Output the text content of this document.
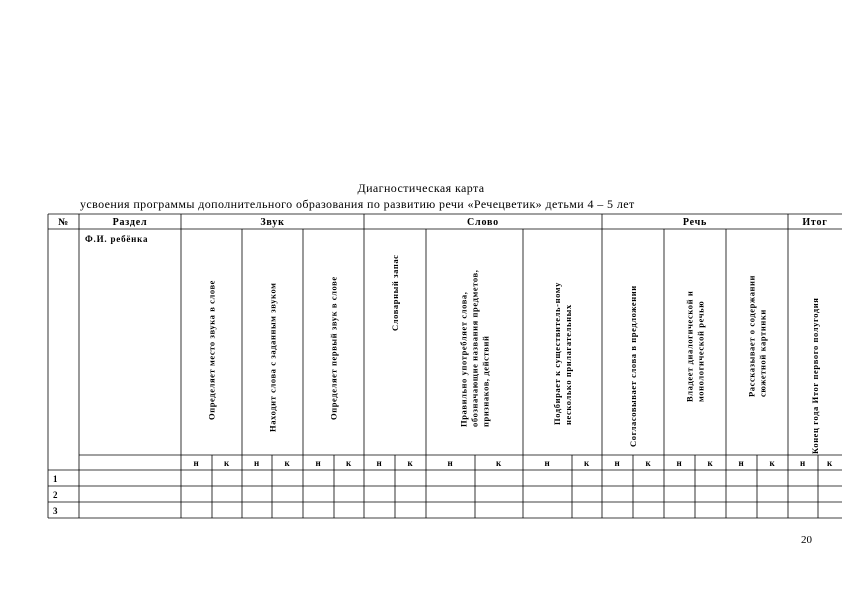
Диагностическая карта
усвоения программы дополнительного образования по развитию речи «Речецветик» детьми 4 – 5 лет
№	Раздел	Звук	Слово	Речь	Итог
Ф.И. ребёнка
Определяет место звука в слове	Находит слова с заданным звуком	Определяет первый звук в слове	Словарный запас	Правильно употребляет слова, обозначающие названия предметов, признаков, действий	Подбирает к существитель-ному несколько прилагательных	Согласовывает слова в предложении	Владеет диалогической и монологической речью	Рассказывает о содержании сюжетной картинки	Конец года Итог первого полугодия
н	к	н	к	н	к	н	к	н	к	н	к	н	к	н	к	н	к	н к
1
2
3
20
